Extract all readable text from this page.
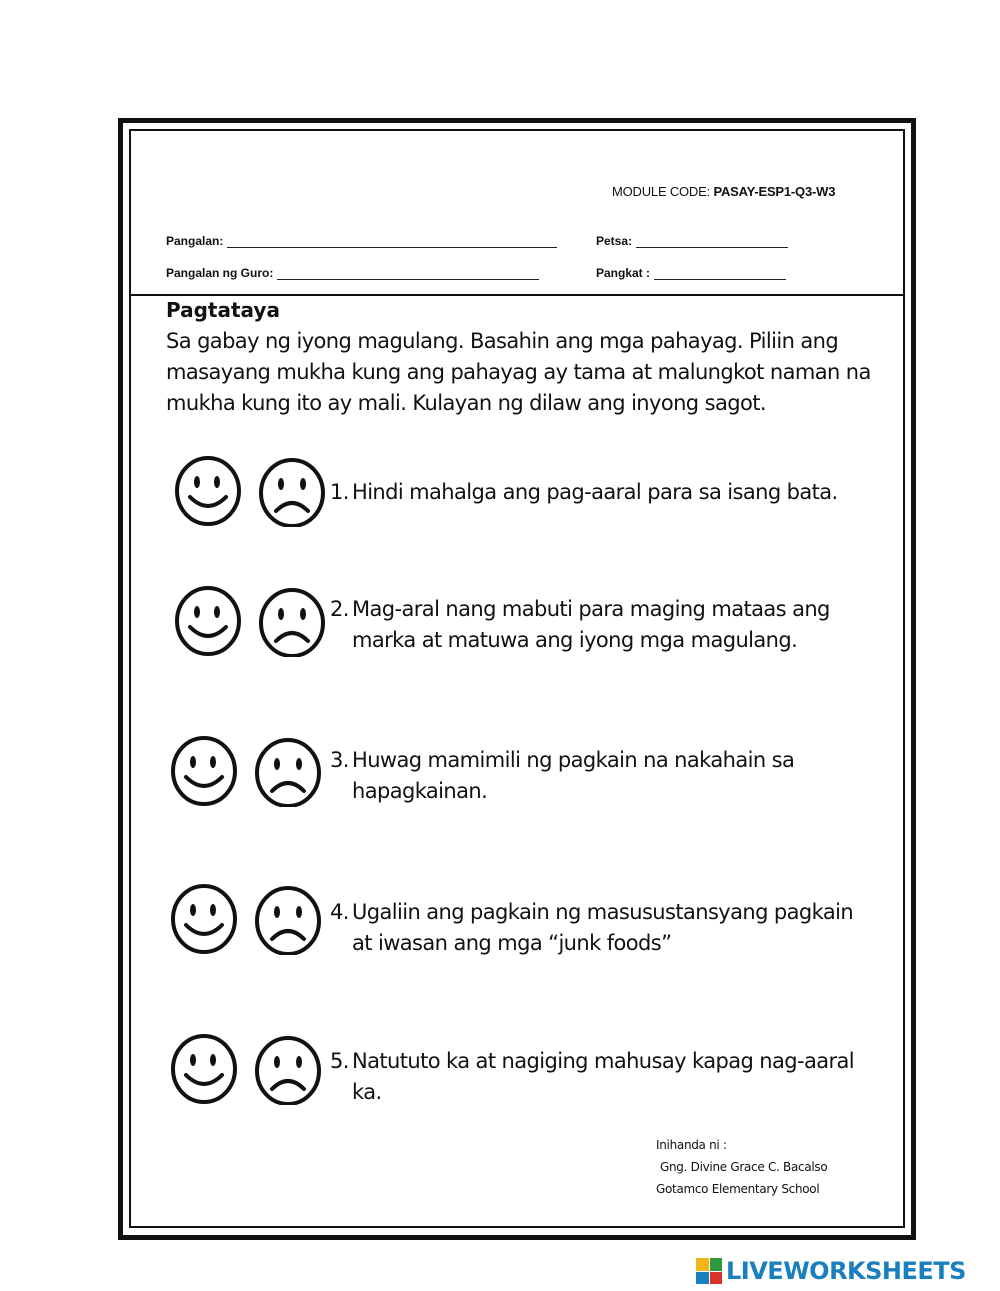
MODULE CODE: PASAY-ESP1-Q3-W3
Pangalan:	Petsa:
Pangalan ng Guro:	Pangkat :
Pagtataya
Sa gabay ng iyong magulang. Basahin ang mga pahayag. Piliin ang masayang mukha kung ang pahayag ay tama at malungkot naman na mukha kung ito ay mali. Kulayan ng dilaw ang inyong sagot.
1. Hindi mahalga ang pag-aaral para sa isang bata.
2. Mag-aral nang mabuti para maging mataas ang
marka at matuwa ang iyong mga magulang.
3. Huwag mamimili ng pagkain na nakahain sa
hapagkainan.
4. Ugaliin ang pagkain ng masusustansyang pagkain
at iwasan ang mga “junk foods”
5. Natututo ka at nagiging mahusay kapag nag-aaral
ka.
Inihanda ni :
Gng. Divine Grace C. Bacalso
Gotamco Elementary School
LIVEWORKSHEETS
